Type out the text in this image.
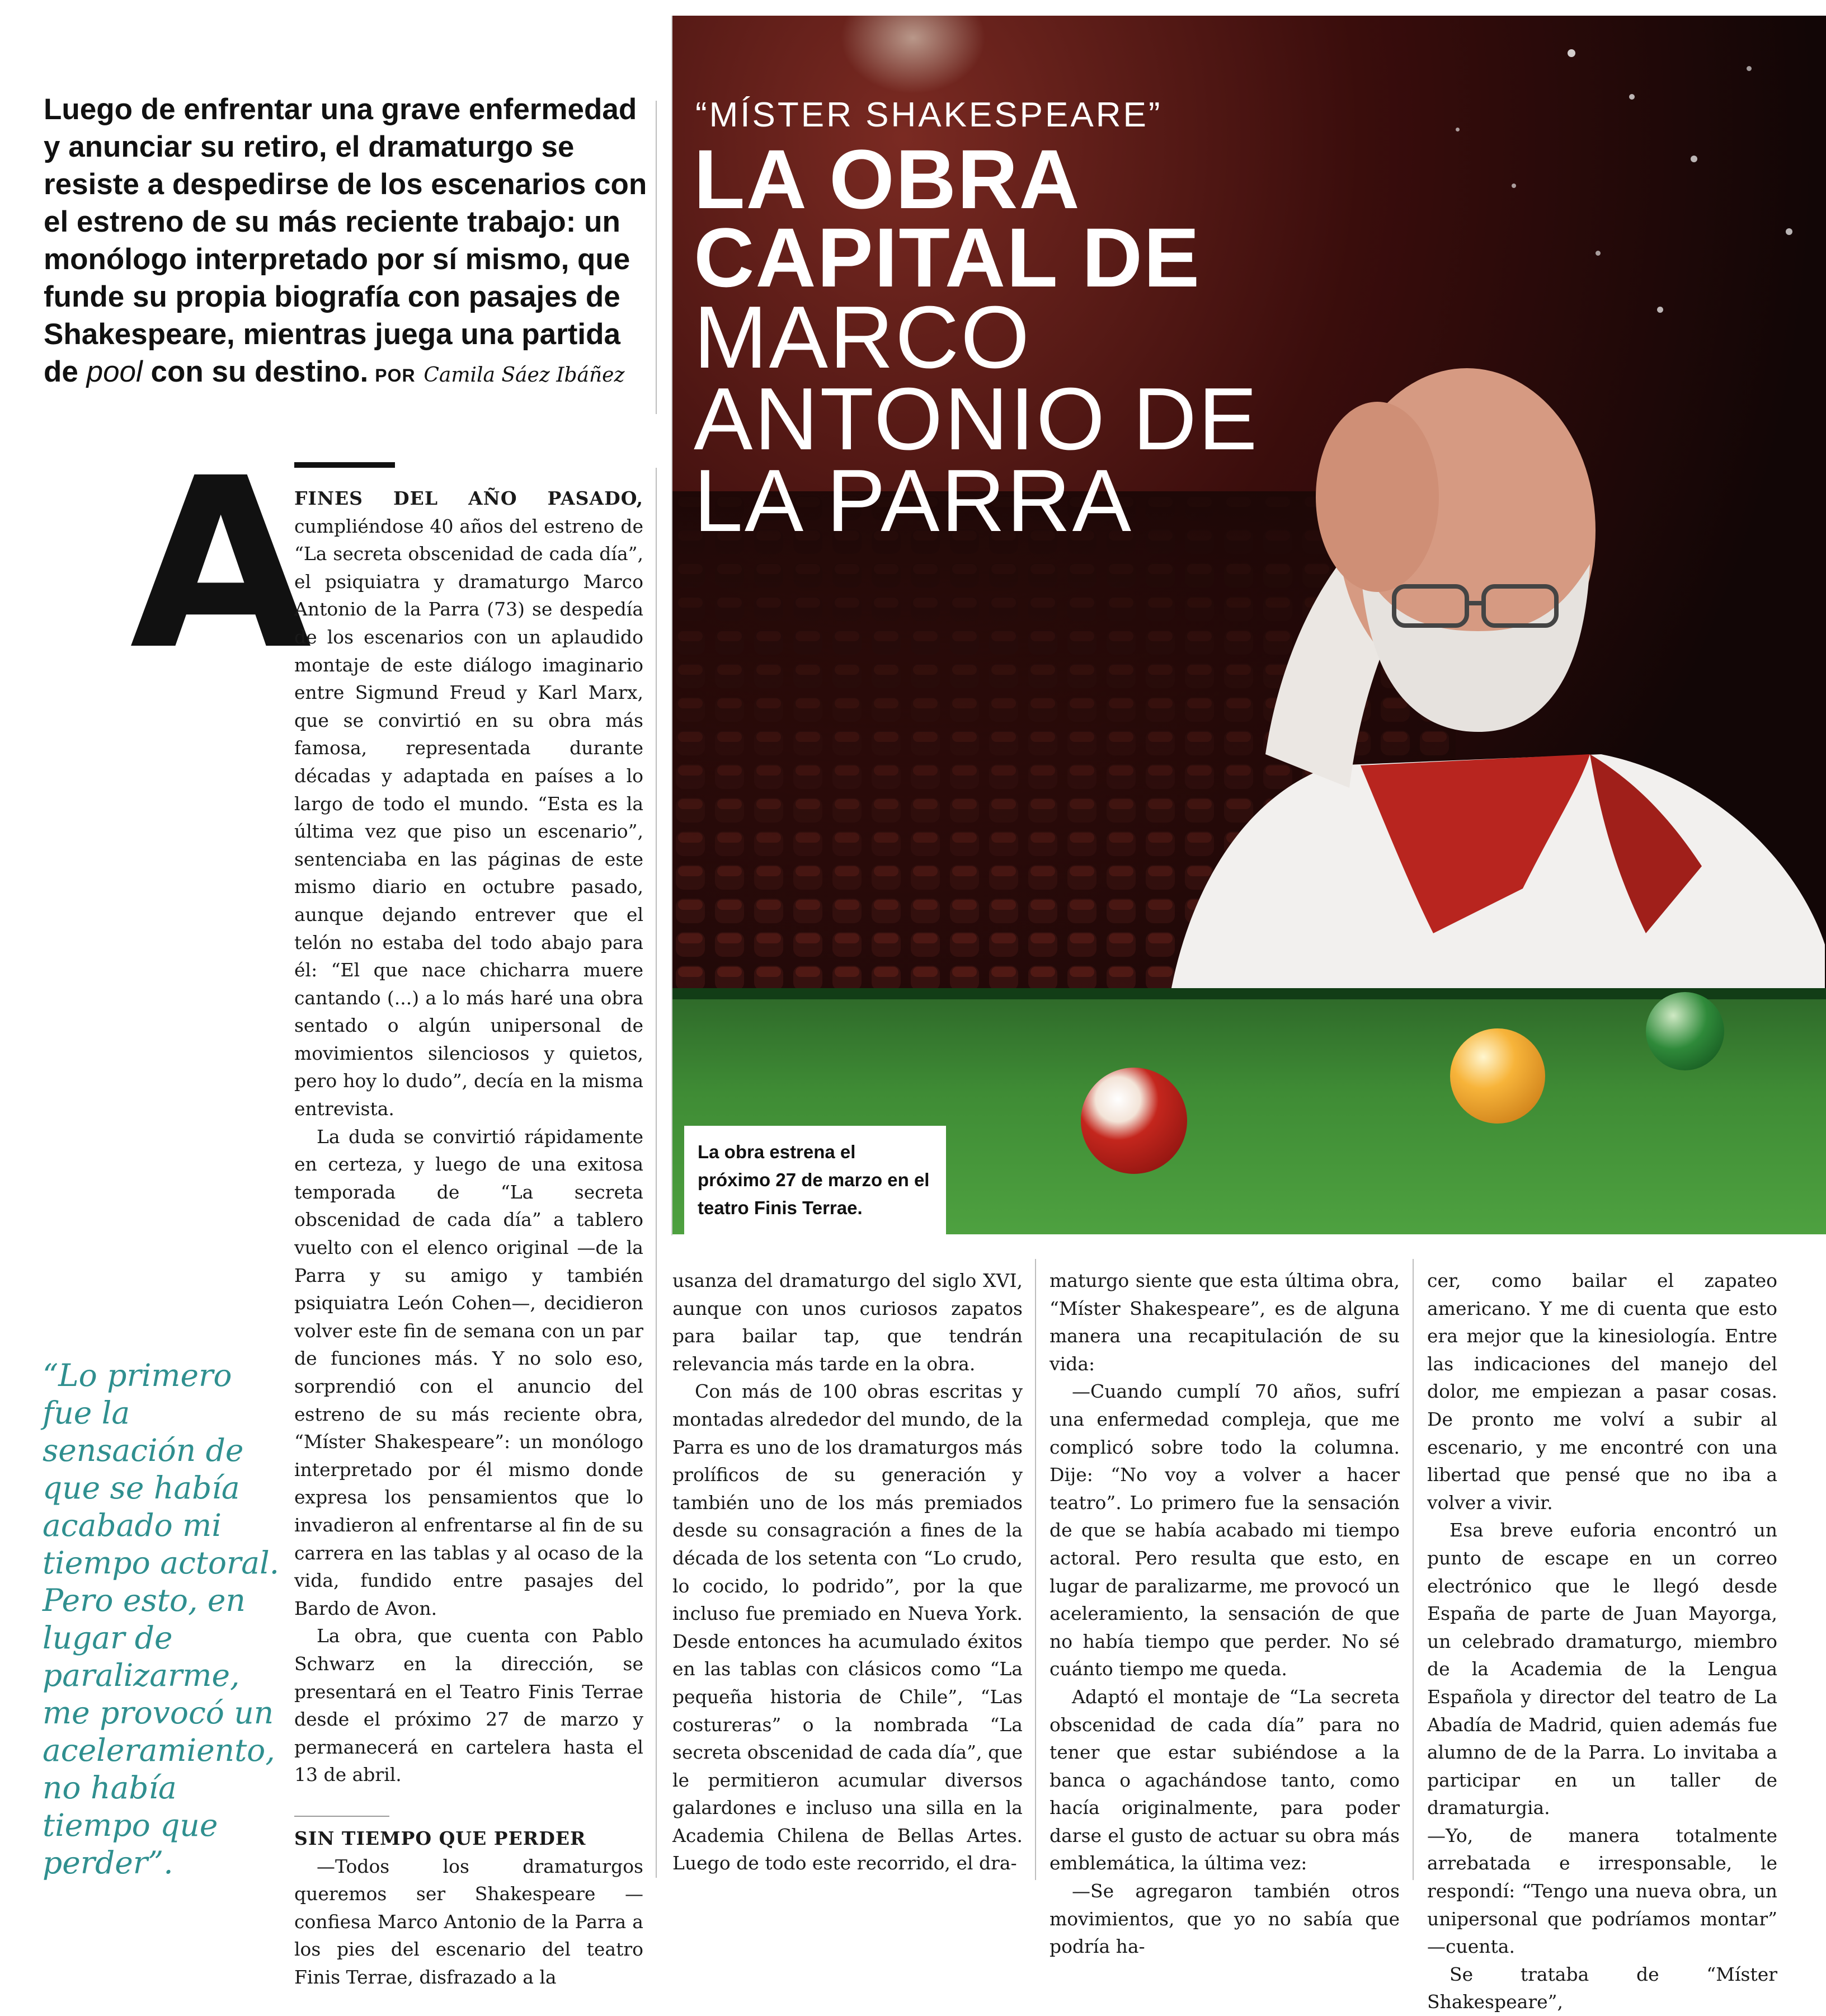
Luego de enfrentar una grave enfermedad y anunciar su retiro, el dramaturgo se resiste a despedirse de los escenarios con el estreno de su más reciente trabajo: un monólogo interpretado por sí mismo, que funde su propia biografía con pasajes de Shakespeare, mientras juega una partida de pool con su destino. POR Camila Sáez Ibáñez
“MÍSTER SHAKESPEARE”
LA OBRA
CAPITAL DE
MARCO
ANTONIO DE
LA PARRA
La obra estrena el próximo 27 de marzo en el teatro Finis Terrae.
A

FINES DEL AÑO PASADO, cumpliéndose 40 años del estreno de “La secreta obscenidad de cada día”, el psiquiatra y dramaturgo Marco Antonio de la Parra (73) se despedía de los escenarios con un aplaudido montaje de este diálogo imaginario entre Sigmund Freud y Karl Marx, que se convirtió en su obra más famosa, representada durante décadas y adaptada en países a lo largo de todo el mundo. “Esta es la última vez que piso un escenario”, sentenciaba en las páginas de este mismo diario en octubre pasado, aunque dejando entrever que el telón no estaba del todo abajo para él: “El que nace chicharra muere cantando (...) a lo más haré una obra sentado o algún unipersonal de movimientos silenciosos y quietos, pero hoy lo dudo”, decía en la misma entrevista.

La duda se convirtió rápidamente en certeza, y luego de una exitosa temporada de “La secreta obscenidad de cada día” a tablero vuelto con el elenco original —de la Parra y su amigo y también psiquiatra León Cohen—, decidieron volver este fin de semana con un par de funciones más. Y no solo eso, sorprendió con el anuncio del estreno de su más reciente obra, “Míster Shakespeare”: un monólogo interpretado por él mismo donde expresa los pensamientos que lo invadieron al enfrentarse al fin de su carrera en las tablas y al ocaso de la vida, fundido entre pasajes del Bardo de Avon.

La obra, que cuenta con Pablo Schwarz en la dirección, se presentará en el Teatro Finis Terrae desde el próximo 27 de marzo y permanecerá en cartelera hasta el 13 de abril.

SIN TIEMPO QUE PERDER

—Todos los dramaturgos queremos ser Shakespeare —confiesa Marco Antonio de la Parra a los pies del escenario del teatro Finis Terrae, disfrazado a la

usanza del dramaturgo del siglo XVI, aunque con unos curiosos zapatos para bailar tap, que tendrán relevancia más tarde en la obra.

Con más de 100 obras escritas y montadas alrededor del mundo, de la Parra es uno de los dramaturgos más prolíficos de su generación y también uno de los más premiados desde su consagración a fines de la década de los setenta con “Lo crudo, lo cocido, lo podrido”, por la que incluso fue premiado en Nueva York. Desde entonces ha acumulado éxitos en las tablas con clásicos como “La pequeña historia de Chile”, “Las costureras” o la nombrada “La secreta obscenidad de cada día”, que le permitieron acumular diversos galardones e incluso una silla en la Academia Chilena de Bellas Artes. Luego de todo este recorrido, el dra-

maturgo siente que esta última obra, “Míster Shakespeare”, es de alguna manera una recapitulación de su vida:

—Cuando cumplí 70 años, sufrí una enfermedad compleja, que me complicó sobre todo la columna. Dije: “No voy a volver a hacer teatro”. Lo primero fue la sensación de que se había acabado mi tiempo actoral. Pero resulta que esto, en lugar de paralizarme, me provocó un aceleramiento, la sensación de que no había tiempo que perder. No sé cuánto tiempo me queda.

Adaptó el montaje de “La secreta obscenidad de cada día” para no tener que estar subiéndose a la banca o agachándose tanto, como hacía originalmente, para poder darse el gusto de actuar su obra más emblemática, la última vez:

—Se agregaron también otros movimientos, que yo no sabía que podría ha-

cer, como bailar el zapateo americano. Y me di cuenta que esto era mejor que la kinesiología. Entre las indicaciones del manejo del dolor, me empiezan a pasar cosas. De pronto me volví a subir al escenario, y me encontré con una libertad que pensé que no iba a volver a vivir.

Esa breve euforia encontró un punto de escape en un correo electrónico que le llegó desde España de parte de Juan Mayorga, un celebrado dramaturgo, miembro de la Academia de la Lengua Española y director del teatro de La Abadía de Madrid, quien además fue alumno de de la Parra. Lo invitaba a participar en un taller de dramaturgia.

—Yo, de manera totalmente arrebatada e irresponsable, le respondí: “Tengo una nueva obra, un unipersonal que podríamos montar” —cuenta.

Se trataba de “Míster Shakespeare”,

“Lo primero fue la sensación de que se había acabado mi tiempo actoral. Pero esto, en lugar de paralizarme, me provocó un aceleramiento, no había tiempo que perder”.
